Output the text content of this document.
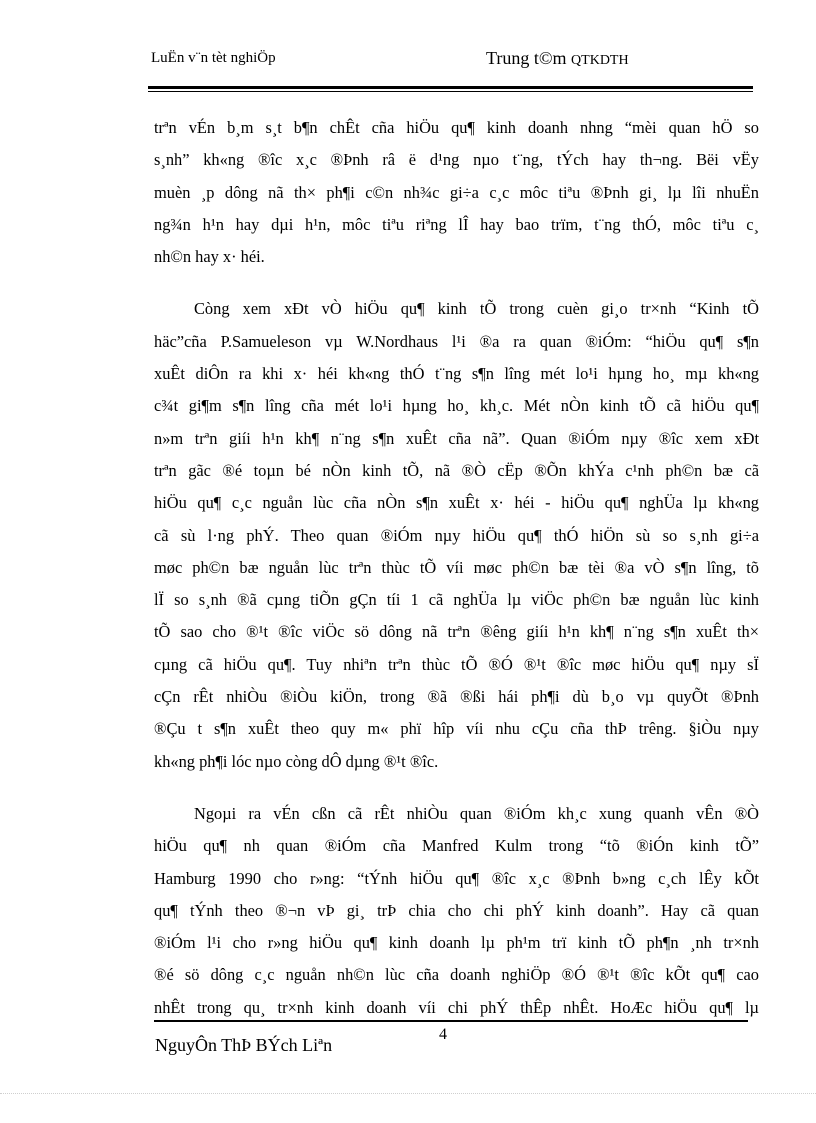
LuËn v¨n tèt nghiÖp	Trung t©m QTKDTH
trªn vÉn b¸m s¸t b¶n chÊt cña hiÖu qu¶ kinh doanh nhng “mèi quan hÖ so
s¸nh” kh«ng ®îc x¸c ®Þnh râ ë d¹ng nµo t¨ng, tÝch hay th¬ng. Bëi vËy
muèn ¸p dông nã th× ph¶i c©n nh¾c gi÷a c¸c môc tiªu ®Þnh gi¸ lµ lîi nhuËn
ng¾n h¹n hay dµi h¹n, môc tiªu riªng lÎ hay bao trïm, t¨ng thÓ, môc tiªu c¸
nh©n hay x· héi.
Còng xem xÐt vÒ hiÖu qu¶ kinh tÕ trong cuèn gi¸o tr×nh “Kinh tÕ
häc”cña P.Samueleson vµ W.Nordhaus l¹i ®a ra quan ®iÓm: “hiÖu qu¶ s¶n
xuÊt diÔn ra khi x· héi kh«ng thÓ t¨ng s¶n lîng mét lo¹i hµng ho¸ mµ kh«ng
c¾t gi¶m s¶n lîng cña mét lo¹i hµng ho¸ kh¸c. Mét nÒn kinh tÕ cã hiÖu qu¶
n»m trªn giíi h¹n kh¶ n¨ng s¶n xuÊt cña nã”. Quan ®iÓm nµy ®îc xem xÐt
trªn gãc ®é toµn bé nÒn kinh tÕ, nã ®Ò cËp ®Õn khÝa c¹nh ph©n bæ cã
hiÖu qu¶ c¸c nguån lùc cña nÒn s¶n xuÊt x· héi - hiÖu qu¶ nghÜa lµ kh«ng
cã sù l·ng phÝ. Theo quan ®iÓm nµy hiÖu qu¶ thÓ hiÖn sù so s¸nh gi÷a
møc ph©n bæ nguån lùc trªn thùc tÕ víi møc ph©n bæ tèi ®a vÒ s¶n lîng, tõ
lÏ so s¸nh ®ã cµng tiÕn gÇn tíi 1 cã nghÜa lµ viÖc ph©n bæ nguån lùc kinh
tÕ sao cho ®¹t ®îc viÖc sö dông nã trªn ®êng giíi h¹n kh¶ n¨ng s¶n xuÊt th×
cµng cã hiÖu qu¶. Tuy nhiªn trªn thùc tÕ ®Ó ®¹t ®îc møc hiÖu qu¶ nµy sÏ
cÇn rÊt nhiÒu ®iÒu kiÖn, trong ®ã ®ßi hái ph¶i dù b¸o vµ quyÕt ®Þnh
®Çu t s¶n xuÊt theo quy m« phï hîp víi nhu cÇu cña thÞ trêng. §iÒu nµy
kh«ng ph¶i lóc nµo còng dÔ dµng ®¹t ®îc.
Ngoµi ra vÉn cßn cã rÊt nhiÒu quan ®iÓm kh¸c xung quanh vÊn ®Ò
hiÖu qu¶ nh quan ®iÓm cña Manfred Kulm trong “tõ ®iÓn kinh tÕ”
Hamburg 1990 cho r»ng: “tÝnh hiÖu qu¶ ®îc x¸c ®Þnh b»ng c¸ch lÊy kÕt
qu¶ tÝnh theo ®¬n vÞ gi¸ trÞ chia cho chi phÝ kinh doanh”. Hay cã quan
®iÓm l¹i cho r»ng hiÖu qu¶ kinh doanh lµ ph¹m trï kinh tÕ ph¶n ¸nh tr×nh
®é sö dông c¸c nguån nh©n lùc cña doanh nghiÖp ®Ó ®¹t ®îc kÕt qu¶ cao
nhÊt trong qu¸ tr×nh kinh doanh víi chi phÝ thÊp nhÊt. HoÆc hiÖu qu¶ lµ
4
NguyÔn ThÞ BÝch Liªn
